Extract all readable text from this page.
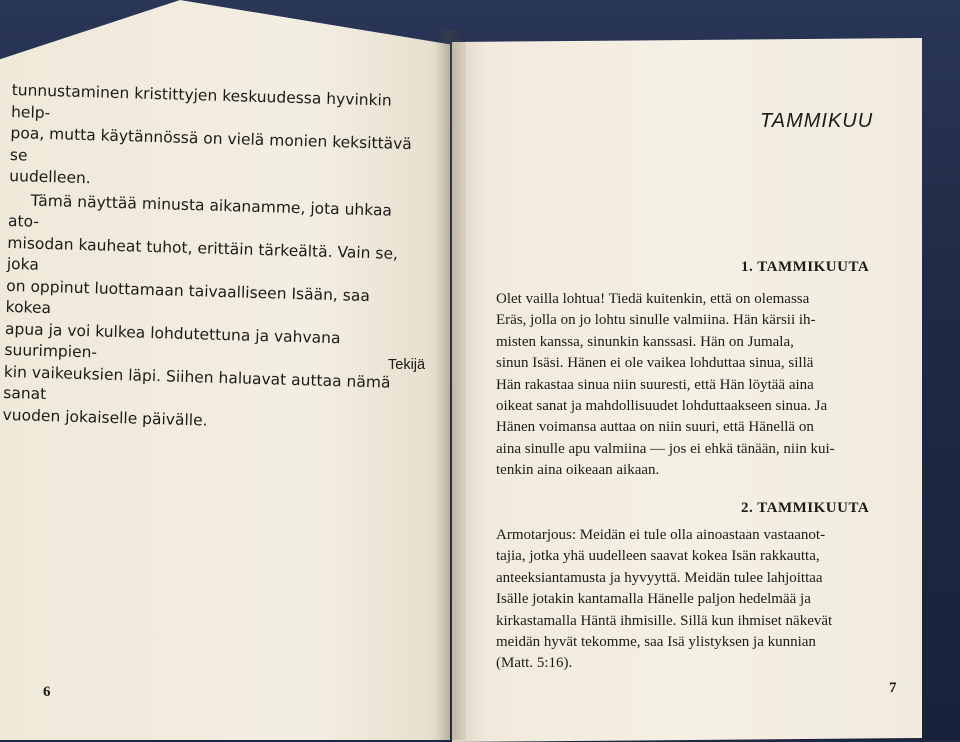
tunnustaminen kristittyjen keskuudessa hyvinkin help-
poa, mutta käytännössä on vielä monien keksittävä se
uudelleen.

Tämä näyttää minusta aikanamme, jota uhkaa ato-
misodan kauheat tuhot, erittäin tärkeältä. Vain se, joka
on oppinut luottamaan taivaalliseen Isään, saa kokea
apua ja voi kulkea lohdutettuna ja vahvana suurimpien-
kin vaikeuksien läpi. Siihen haluavat auttaa nämä sanat
vuoden jokaiselle päivälle.

Tekijä
6
TAMMIKUU
1. TAMMIKUUTA
Olet vailla lohtua! Tiedä kuitenkin, että on olemassa
Eräs, jolla on jo lohtu sinulle valmiina. Hän kärsii ih-
misten kanssa, sinunkin kanssasi. Hän on Jumala,
sinun Isäsi. Hänen ei ole vaikea lohduttaa sinua, sillä
Hän rakastaa sinua niin suuresti, että Hän löytää aina
oikeat sanat ja mahdollisuudet lohduttaakseen sinua. Ja
Hänen voimansa auttaa on niin suuri, että Hänellä on
aina sinulle apu valmiina — jos ei ehkä tänään, niin kui-
tenkin aina oikeaan aikaan.
2. TAMMIKUUTA
Armotarjous: Meidän ei tule olla ainoastaan vastaanot-
tajia, jotka yhä uudelleen saavat kokea Isän rakkautta,
anteeksiantamusta ja hyvyyttä. Meidän tulee lahjoittaa
Isälle jotakin kantamalla Hänelle paljon hedelmää ja
kirkastamalla Häntä ihmisille. Sillä kun ihmiset näkevät
meidän hyvät tekomme, saa Isä ylistyksen ja kunnian
(Matt. 5:16).
7
